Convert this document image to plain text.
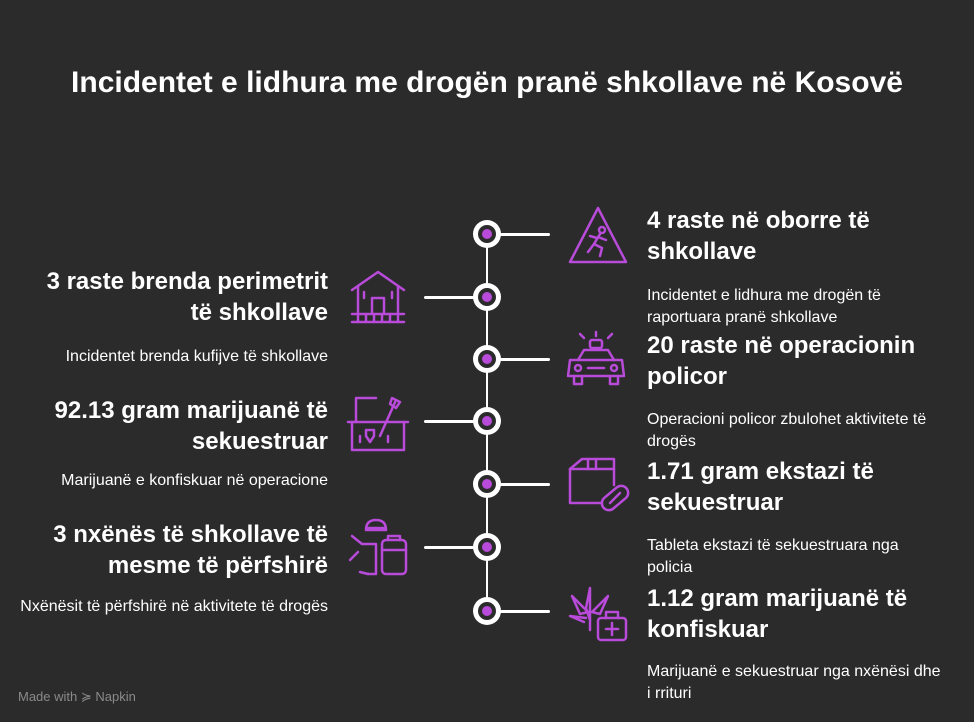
Incidentet e lidhura me drogën pranë shkollave në Kosovë
4 raste në oborre të shkollave
Incidentet e lidhura me drogën të raportuara pranë shkollave
3 raste brenda perimetrit të shkollave
Incidentet brenda kufijve të shkollave	20 raste në operacionin policor
Operacioni policor zbulohet aktivitete të drogës
92.13 gram marijuanë të sekuestruar
Marijuanë e konfiskuar në operacione	1.71 gram ekstazi të sekuestruar
Tableta ekstazi të sekuestruara nga policia
3 nxënës të shkollave të mesme të përfshirë
Nxënësit të përfshirë në aktivitete të drogës	1.12 gram marijuanë të konfiskuar
Marijuanë e sekuestruar nga nxënësi dhe i rrituri
Made with ≽ Napkin
